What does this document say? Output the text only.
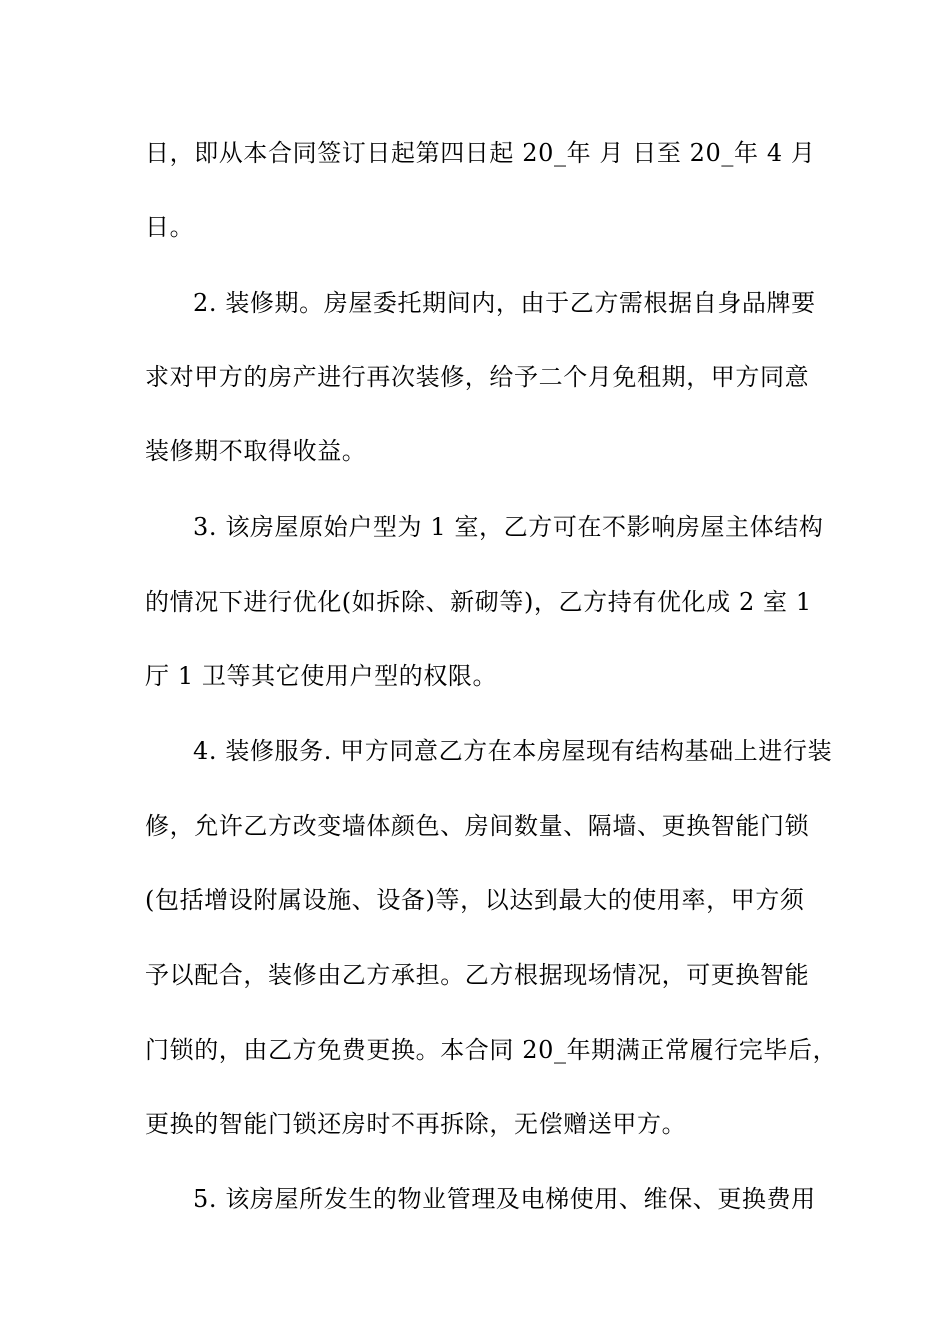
日，即从本合同签订日起第四日起 20_年 月 日至 20_年 4 月
日。
2. 装修期。房屋委托期间内，由于乙方需根据自身品牌要
求对甲方的房产进行再次装修，给予二个月免租期，甲方同意
装修期不取得收益。
3. 该房屋原始户型为 1 室，乙方可在不影响房屋主体结构
的情况下进行优化(如拆除、新砌等)，乙方持有优化成 2 室 1
厅 1 卫等其它使用户型的权限。
4. 装修服务. 甲方同意乙方在本房屋现有结构基础上进行装
修，允许乙方改变墙体颜色、房间数量、隔墙、更换智能门锁
(包括增设附属设施、设备)等，以达到最大的使用率，甲方须
予以配合，装修由乙方承担。乙方根据现场情况，可更换智能
门锁的，由乙方免费更换。本合同 20_年期满正常履行完毕后，
更换的智能门锁还房时不再拆除，无偿赠送甲方。
5. 该房屋所发生的物业管理及电梯使用、维保、更换费用
